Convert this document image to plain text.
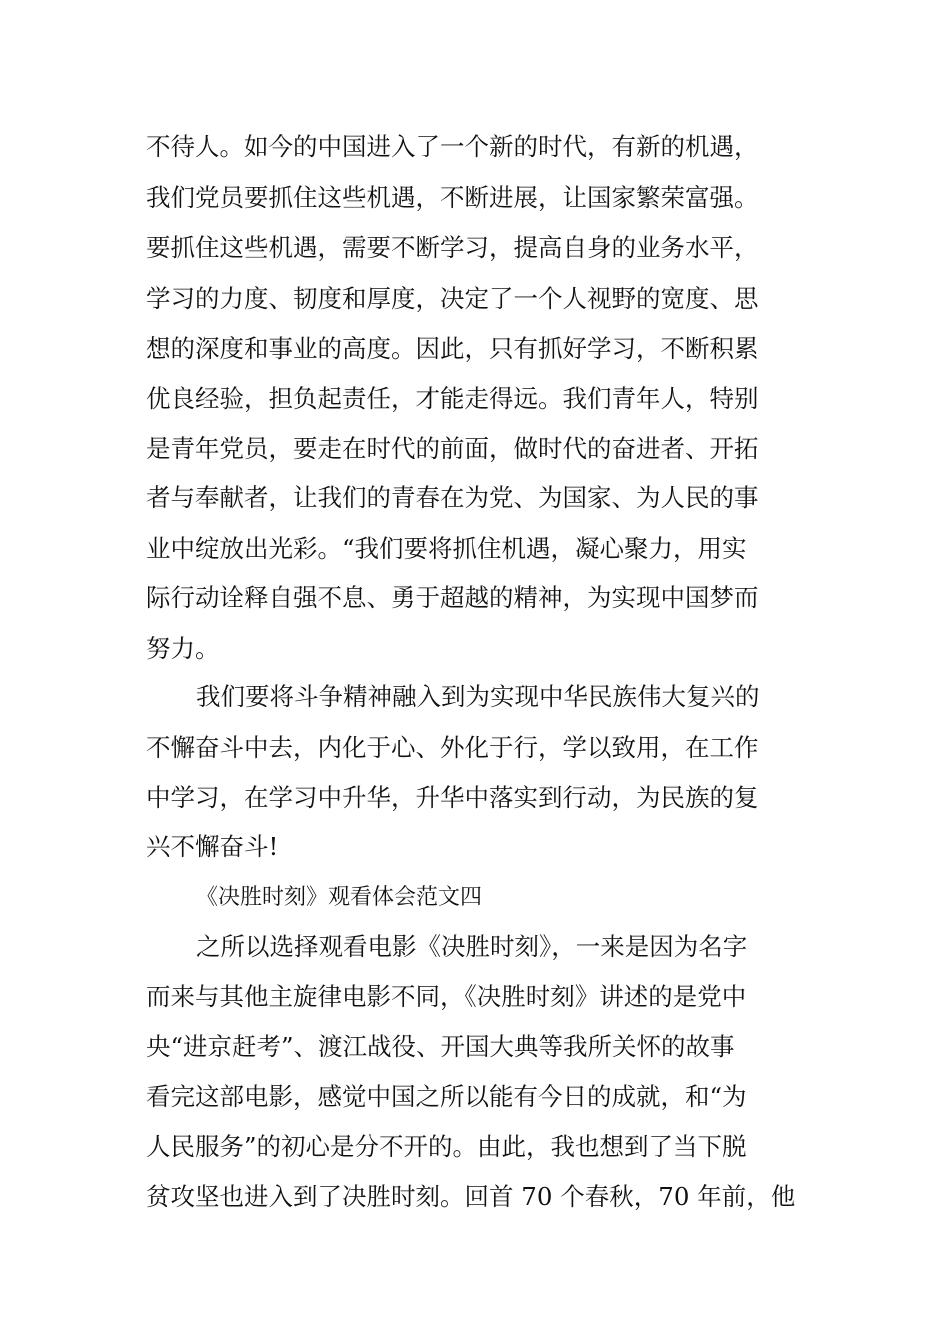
不待人。如今的中国进入了一个新的时代，有新的机遇，
我们党员要抓住这些机遇，不断进展，让国家繁荣富强。
要抓住这些机遇，需要不断学习，提高自身的业务水平，
学习的力度、韧度和厚度，决定了一个人视野的宽度、思
想的深度和事业的高度。因此，只有抓好学习，不断积累
优良经验，担负起责任，才能走得远。我们青年人，特别
是青年党员，要走在时代的前面，做时代的奋进者、开拓
者与奉献者，让我们的青春在为党、为国家、为人民的事
业中绽放出光彩。“我们要将抓住机遇，凝心聚力，用实
际行动诠释自强不息、勇于超越的精神，为实现中国梦而
努力。
我们要将斗争精神融入到为实现中华民族伟大复兴的
不懈奋斗中去，内化于心、外化于行，学以致用，在工作
中学习，在学习中升华，升华中落实到行动，为民族的复
兴不懈奋斗!
《决胜时刻》观看体会范文四
之所以选择观看电影《决胜时刻》，一来是因为名字
而来与其他主旋律电影不同，《决胜时刻》讲述的是党中
央“进京赶考”、渡江战役、开国大典等我所关怀的故事
看完这部电影，感觉中国之所以能有今日的成就，和“为
人民服务”的初心是分不开的。由此，我也想到了当下脱
贫攻坚也进入到了决胜时刻。回首 70 个春秋，70 年前，他
